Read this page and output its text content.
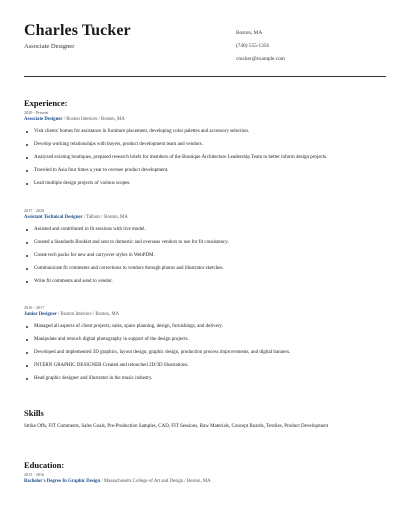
Charles Tucker
Associate Designer
Boston, MA
(740) 555-1356
ctucker@example.com
Experience:
2020 - Present
Associate Designer / Boston Interiors / Boston, MA
Visit clients' homes for assistance in furniture placement, developing color palettes and accessory selection.
Develop working relationships with buyers, product development team and vendors.
Analyzed existing boutiques, prepared research briefs for members of the Boutique Architecture Leadership Team to better inform design projects.
Traveled to Asia four times a year to oversee product development.
Lead multiple design projects of various scopes.
2017 - 2020
Assistant Technical Designer / Talbots / Boston, MA
Assisted and contributed in fit sessions with live model.
Created a Standards Booklet and sent to domestic and overseas vendors to use for fit consistency.
Create tech packs for new and carryover styles in WebPDM.
Communicate fit comments and corrections to vendors through photos and illustrator sketches.
Write fit comments and send to vendor.
2016 - 2017
Junior Designer / Boston Interiors / Boston, MA
Managed all aspects of client projects; sales, space planning, design, furnishings, and delivery.
Manipulate and retouch digital photography in support of the design projects.
Developed and implemented 3D graphics, layout design, graphic design, production process improvements, and digital banners.
INTERN GRAPHIC DESIGNER Created and retouched 2D/3D illustrations.
Head graphic designer and illustrator in the music industry.
Skills
Strike Offs, FIT Comments, Sales Goals, Pre-Production Samples, CAD, FIT Sessions, Raw Materials, Concept Boards, Textiles, Product Development
Education:
2013 - 2016
Bachelor's Degree In Graphic Design / Massachusetts College of Art and Design / Boston, MA
